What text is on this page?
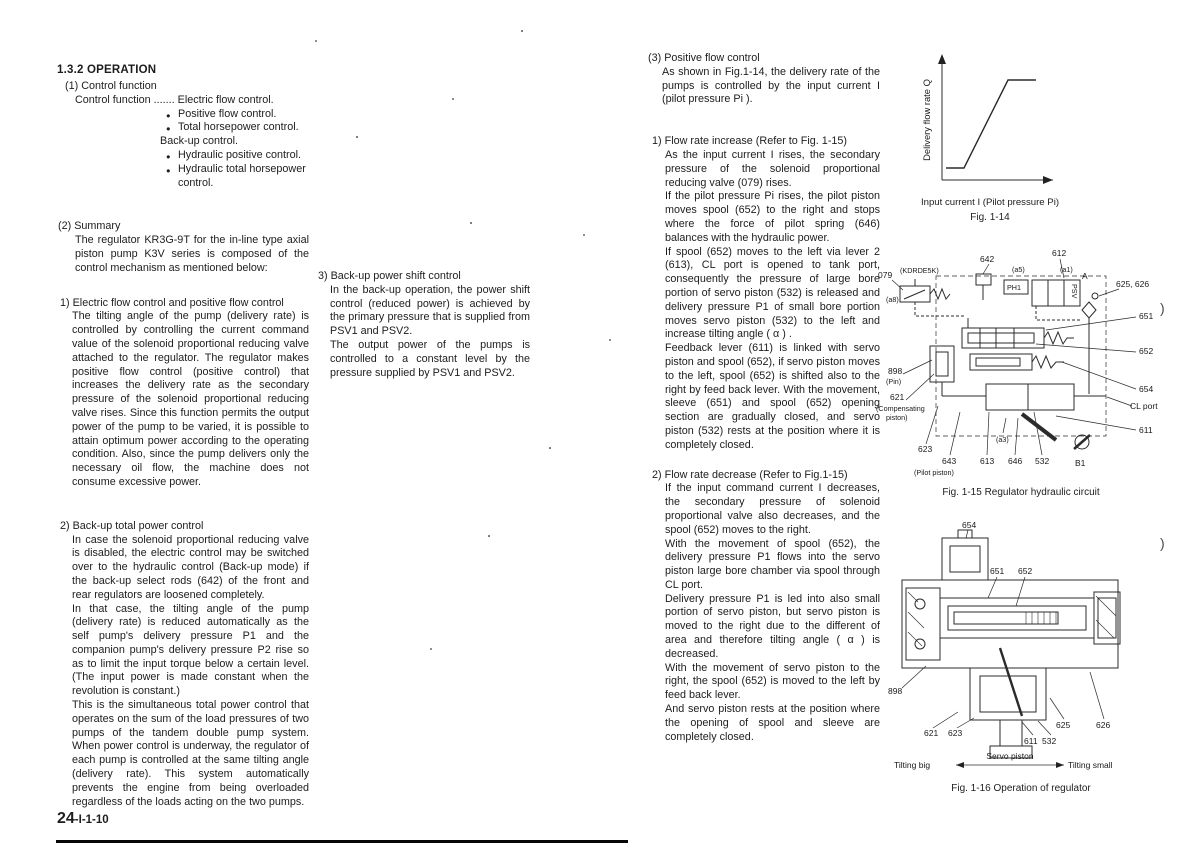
1.3.2 OPERATION

(1) Control function

Control function ....... Electric flow control.

● Positive flow control.

● Total horsepower control.

Back-up control.

● Hydraulic positive control.

● Hydraulic total horsepower control.

(2) Summary

The regulator KR3G-9T for the in-line type axial piston pump K3V series is composed of the control mechanism as mentioned below:

1) Electric flow control and positive flow control

The tilting angle of the pump (delivery rate) is controlled by controlling the current command value of the solenoid proportional reducing valve attached to the regulator. The regulator makes positive flow control (positive control) that increases the delivery rate as the secondary pressure of the solenoid proportional reducing valve rises. Since this function permits the output power of the pump to be varied, it is possible to attain optimum power according to the operating condition. Also, since the pump delivers only the necessary oil flow, the machine does not consume excessive power.

2) Back-up total power control

In case the solenoid proportional reducing valve is disabled, the electric control may be switched over to the hydraulic control (Back-up mode) if the back-up select rods (642) of the front and rear regulators are loosened completely.

In that case, the tilting angle of the pump (delivery rate) is reduced automatically as the self pump's delivery pressure P1 and the companion pump's delivery pressure P2 rise so as to limit the input torque below a certain level. (The input power is made constant when the revolution is constant.)

This is the simultaneous total power control that operates on the sum of the load pressures of two pumps of the tandem double pump system. When power control is underway, the regulator of each pump is controlled at the same tilting angle (delivery rate). This system automatically prevents the engine from being overloaded regardless of the loads acting on the two pumps.

3) Back-up power shift control

In the back-up operation, the power shift control (reduced power) is achieved by the primary pressure that is supplied from PSV1 and PSV2.

The output power of the pumps is controlled to a constant level by the pressure supplied by PSV1 and PSV2.

(3) Positive flow control

As shown in Fig.1-14, the delivery rate of the pumps is controlled by the input current I (pilot pressure Pi ).

1) Flow rate increase (Refer to Fig. 1-15)

As the input current I rises, the secondary pressure of the solenoid proportional reducing valve (079) rises.

If the pilot pressure Pi rises, the pilot piston moves spool (652) to the right and stops where the force of pilot spring (646) balances with the hydraulic power.

If spool (652) moves to the left via lever 2 (613), CL port is opened to tank port, consequently the pressure of large bore portion of servo piston (532) is released and delivery pressure P1 of small bore portion moves servo piston (532) to the left and increase tilting angle ( α ) .

Feedback lever (611) is linked with servo piston and spool (652), if servo piston moves to the left, spool (652) is shifted also to the right by feed back lever. With the movement, sleeve (651) and spool (652) opening section are gradually closed, and servo piston (532) rests at the position where it is completely closed.

2) Flow rate decrease (Refer to Fig.1-15)

If the input command current I decreases, the secondary pressure of solenoid proportional valve also decreases, and the spool (652) moves to the right.

With the movement of spool (652), the delivery pressure P1 flows into the servo piston large bore chamber via spool through CL port.

Delivery pressure P1 is led into also small portion of servo piston, but servo piston is moved to the right due to the different of area and therefore tilting angle ( α ) is decreased.

With the movement of servo piston to the right, the spool (652) is moved to the left by feed back lever.

And servo piston rests at the position where the opening of spool and sleeve are completely closed.

Delivery flow rate Q
Input current I (Pilot pressure Pi)
Fig. 1-14
642
612
(a5)	(a1)
A
PH1	PSV	625, 626
079 (KDRDE5K)
(a8)
651
652
654
CL port
611
898
(Pin)
621
(Compensating
piston)
623
(a3)
643	613 646 532	B1
(Pilot piston)
Fig. 1-15 Regulator hydraulic circuit
654
651 652
898
621 623
625	626
611 532
Tilting big
Servo piston
Tilting small
Fig. 1-16 Operation of regulator
24-I-1-10
)
)
